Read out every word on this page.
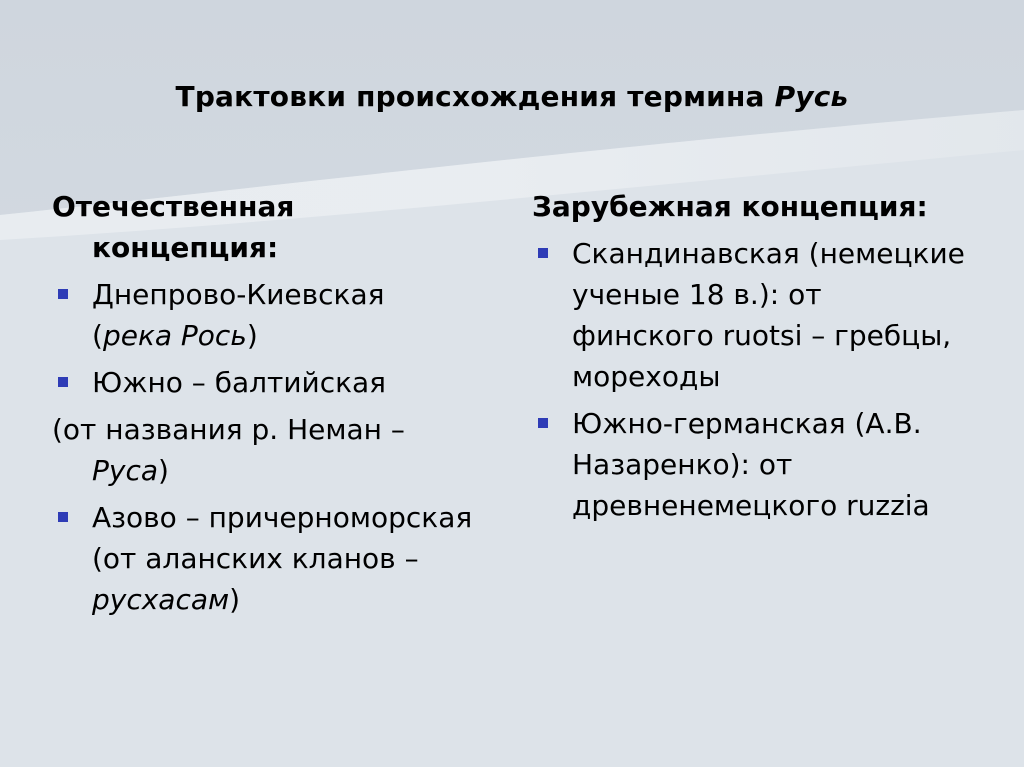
Трактовки происхождения термина Русь
Отечественная концепция:
Днепрово-Киевская
(река Рось)
Южно – балтийская
(от названия р. Неман – Руса)
Азово – причерноморская (от аланских кланов – русхасам)
Зарубежная концепция:
Скандинавская (немецкие ученые 18 в.): от финского ruotsi – гребцы, мореходы
Южно-германская (А.В. Назаренко): от древненемецкого ruzzia
